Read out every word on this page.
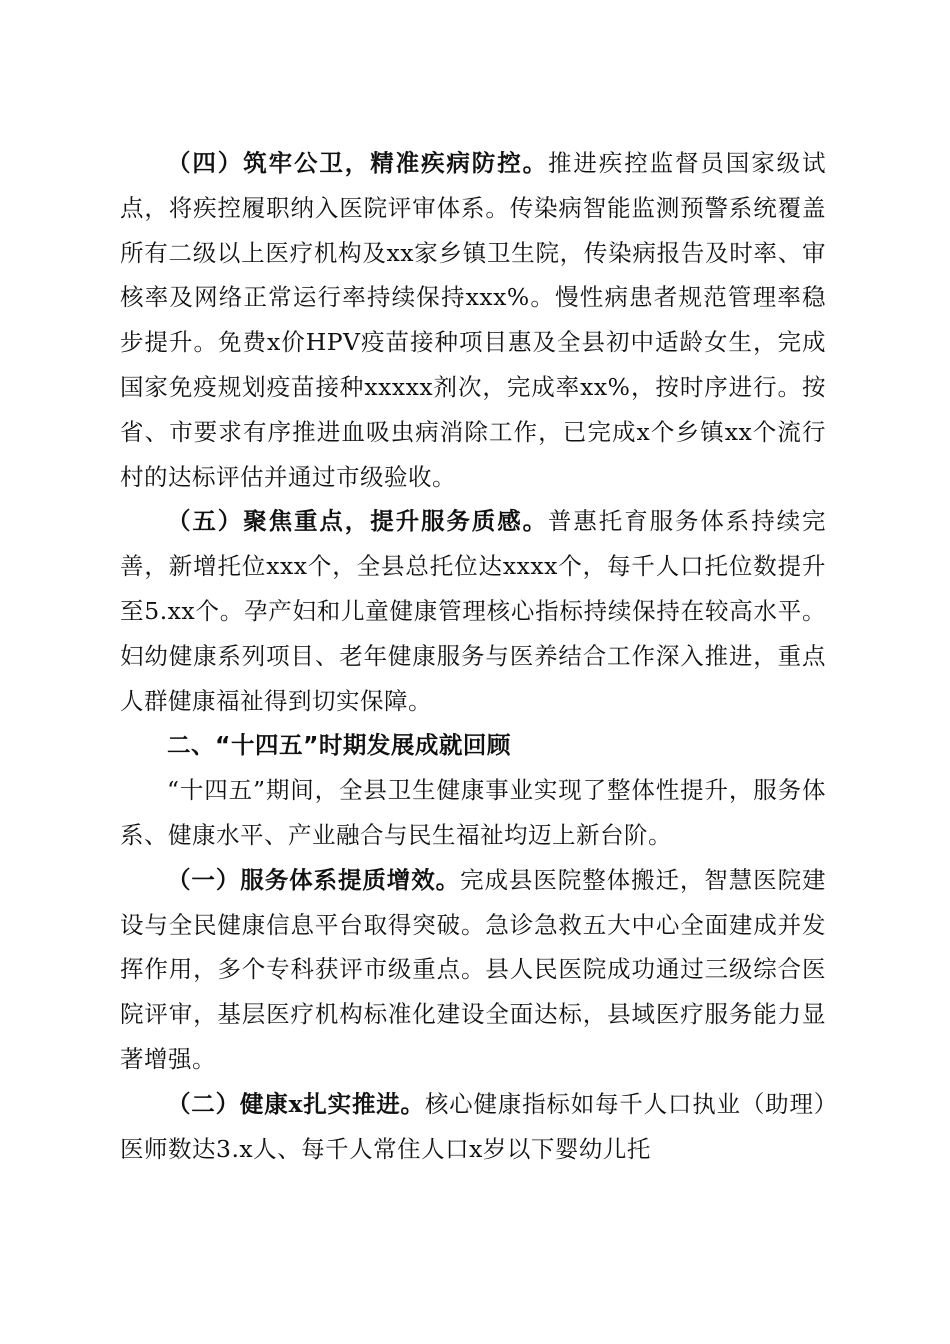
（四）筑牢公卫，精准疾病防控。推进疾控监督员国家级试点，将疾控履职纳入医院评审体系。传染病智能监测预警系统覆盖所有二级以上医疗机构及xx家乡镇卫生院，传染病报告及时率、审核率及网络正常运行率持续保持xxx%。慢性病患者规范管理率稳步提升。免费x价HPV疫苗接种项目惠及全县初中适龄女生，完成国家免疫规划疫苗接种xxxxx剂次，完成率xx%，按时序进行。按省、市要求有序推进血吸虫病消除工作，已完成x个乡镇xx个流行村的达标评估并通过市级验收。

（五）聚焦重点，提升服务质感。普惠托育服务体系持续完善，新增托位xxx个，全县总托位达xxxx个，每千人口托位数提升至5.xx个。孕产妇和儿童健康管理核心指标持续保持在较高水平。妇幼健康系列项目、老年健康服务与医养结合工作深入推进，重点人群健康福祉得到切实保障。

二、“十四五”时期发展成就回顾

“十四五”期间，全县卫生健康事业实现了整体性提升，服务体系、健康水平、产业融合与民生福祉均迈上新台阶。

（一）服务体系提质增效。完成县医院整体搬迁，智慧医院建设与全民健康信息平台取得突破。急诊急救五大中心全面建成并发挥作用，多个专科获评市级重点。县人民医院成功通过三级综合医院评审，基层医疗机构标准化建设全面达标，县域医疗服务能力显著增强。

（二）健康x扎实推进。核心健康指标如每千人口执业（助理）医师数达3.x人、每千人常住人口x岁以下婴幼儿托
